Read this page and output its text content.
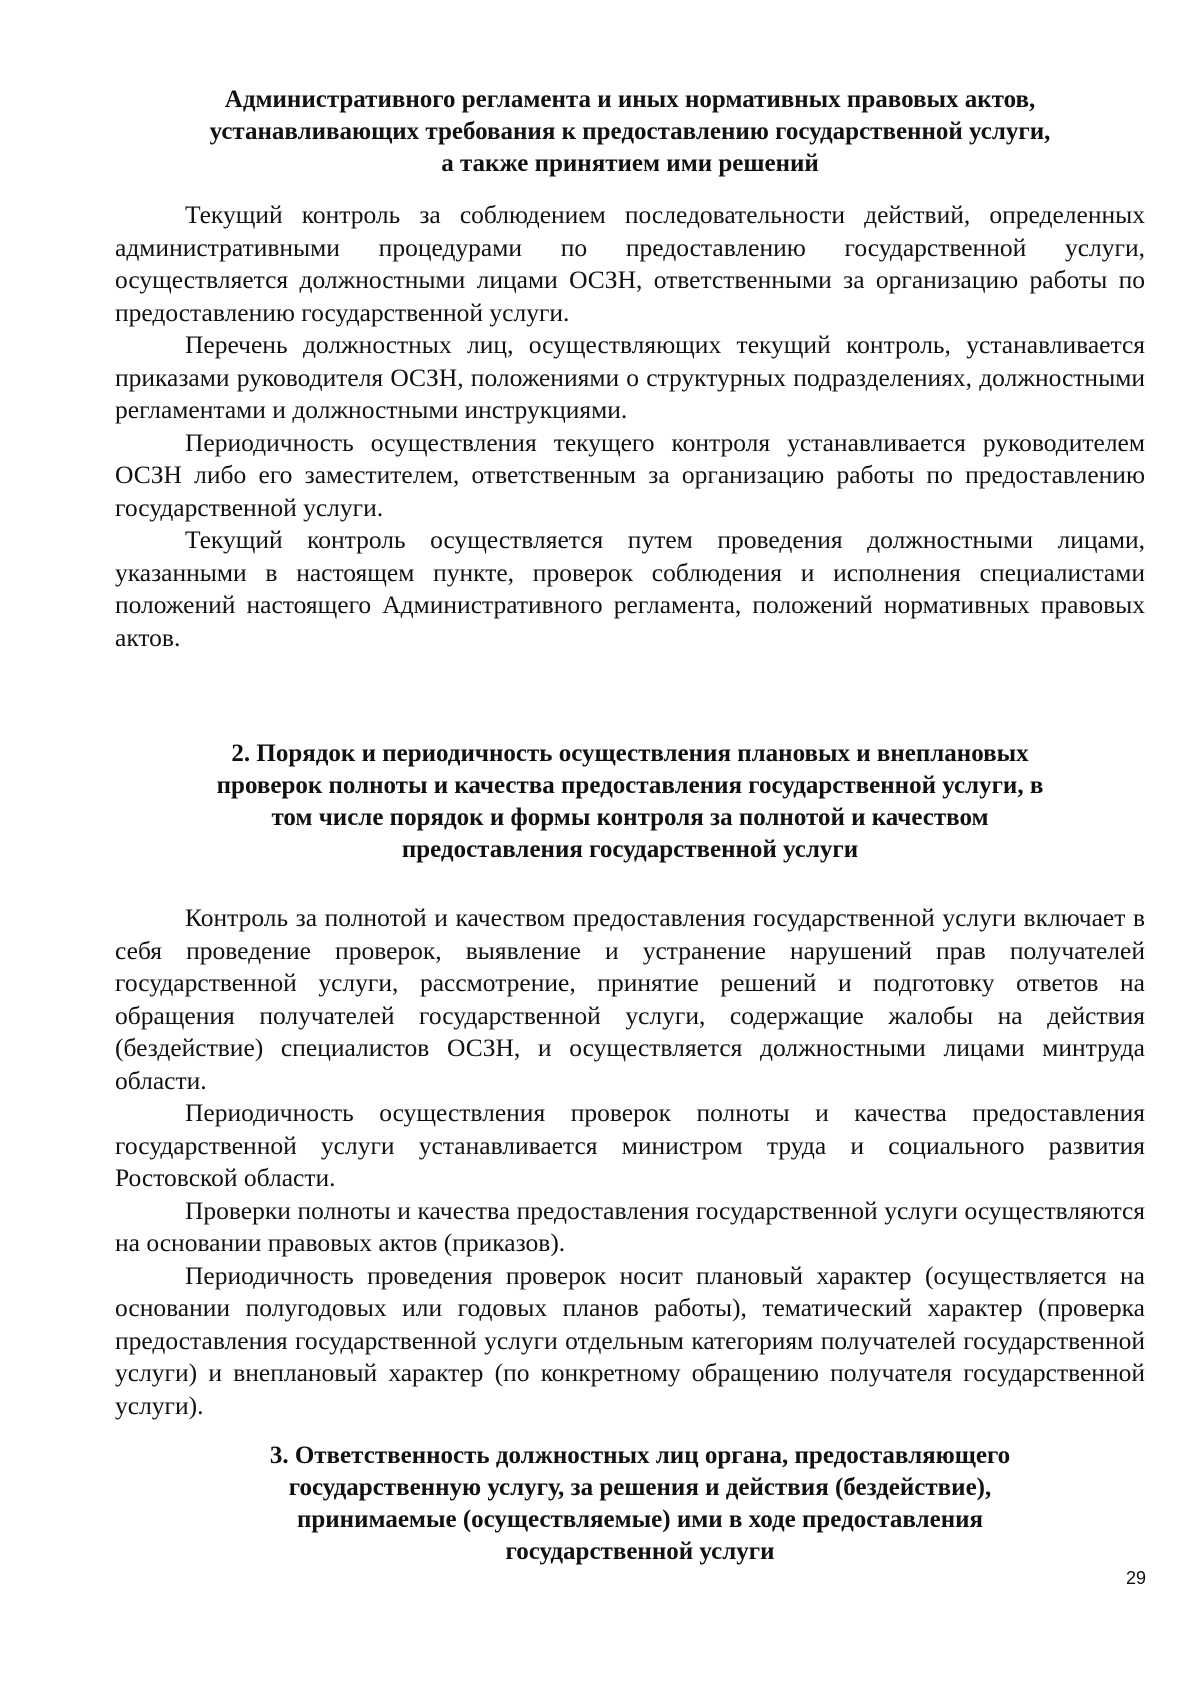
Административного регламента и иных нормативных правовых актов,
устанавливающих требования к предоставлению государственной услуги,
а также принятием ими решений

Текущий контроль за соблюдением последовательности действий, определенных административными процедурами по предоставлению государственной услуги, осуществляется должностными лицами ОСЗН, ответственными за организацию работы по предоставлению государственной услуги.

Перечень должностных лиц, осуществляющих текущий контроль, устанавливается приказами руководителя ОСЗН, положениями о структурных подразделениях, должностными регламентами и должностными инструкциями.

Периодичность осуществления текущего контроля устанавливается руководителем ОСЗН либо его заместителем, ответственным за организацию работы по предоставлению государственной услуги.

Текущий контроль осуществляется путем проведения должностными лицами, указанными в настоящем пункте, проверок соблюдения и исполнения специалистами положений настоящего Административного регламента, положений нормативных правовых актов.

2. Порядок и периодичность осуществления плановых и внеплановых
проверок полноты и качества предоставления государственной услуги, в
том числе порядок и формы контроля за полнотой и качеством
предоставления государственной услуги

Контроль за полнотой и качеством предоставления государственной услуги включает в себя проведение проверок, выявление и устранение нарушений прав получателей государственной услуги, рассмотрение, принятие решений и подготовку ответов на обращения получателей государственной услуги, содержащие жалобы на действия (бездействие) специалистов ОСЗН, и осуществляется должностными лицами минтруда области.

Периодичность осуществления проверок полноты и качества предоставления государственной услуги устанавливается министром труда и социального развития Ростовской области.

Проверки полноты и качества предоставления государственной услуги осуществляются на основании правовых актов (приказов).

Периодичность проведения проверок носит плановый характер (осуществляется на основании полугодовых или годовых планов работы), тематический характер (проверка предоставления государственной услуги отдельным категориям получателей государственной услуги) и внеплановый характер (по конкретному обращению получателя государственной услуги).

3. Ответственность должностных лиц органа, предоставляющего
государственную услугу, за решения и действия (бездействие),
принимаемые (осуществляемые) ими в ходе предоставления
государственной услуги
29
